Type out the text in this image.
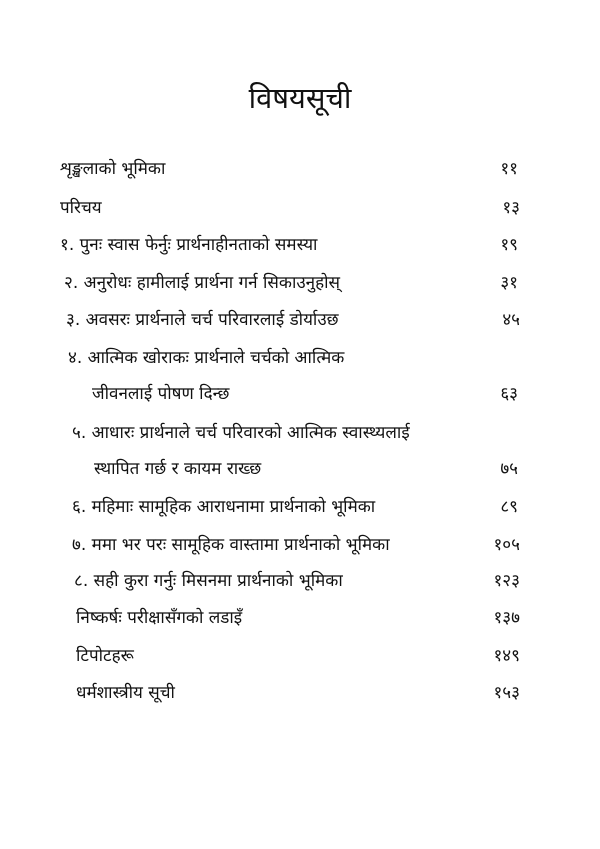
विषयसूची
शृङ्खलाको भूमिका	११
परिचय	१३
१. पुनः स्वास फेर्नुः प्रार्थनाहीनताको समस्या	१९
२. अनुरोधः हामीलाई प्रार्थना गर्न सिकाउनुहोस्	३१
३. अवसरः प्रार्थनाले चर्च परिवारलाई डोर्याउछ	४५
४. आत्मिक खोराकः प्रार्थनाले चर्चको आत्मिक
जीवनलाई पोषण दिन्छ	६३
५. आधारः प्रार्थनाले चर्च परिवारको आत्मिक स्वास्थ्यलाई
स्थापित गर्छ र कायम राख्छ	७५
६. महिमाः सामूहिक आराधनामा प्रार्थनाको भूमिका	८९
७. ममा भर परः सामूहिक वास्तामा प्रार्थनाको भूमिका	१०५
८. सही कुरा गर्नुः मिसनमा प्रार्थनाको भूमिका	१२३
निष्कर्षः परीक्षासँगको लडाइँ	१३७
टिपोटहरू	१४९
धर्मशास्त्रीय सूची	१५३
